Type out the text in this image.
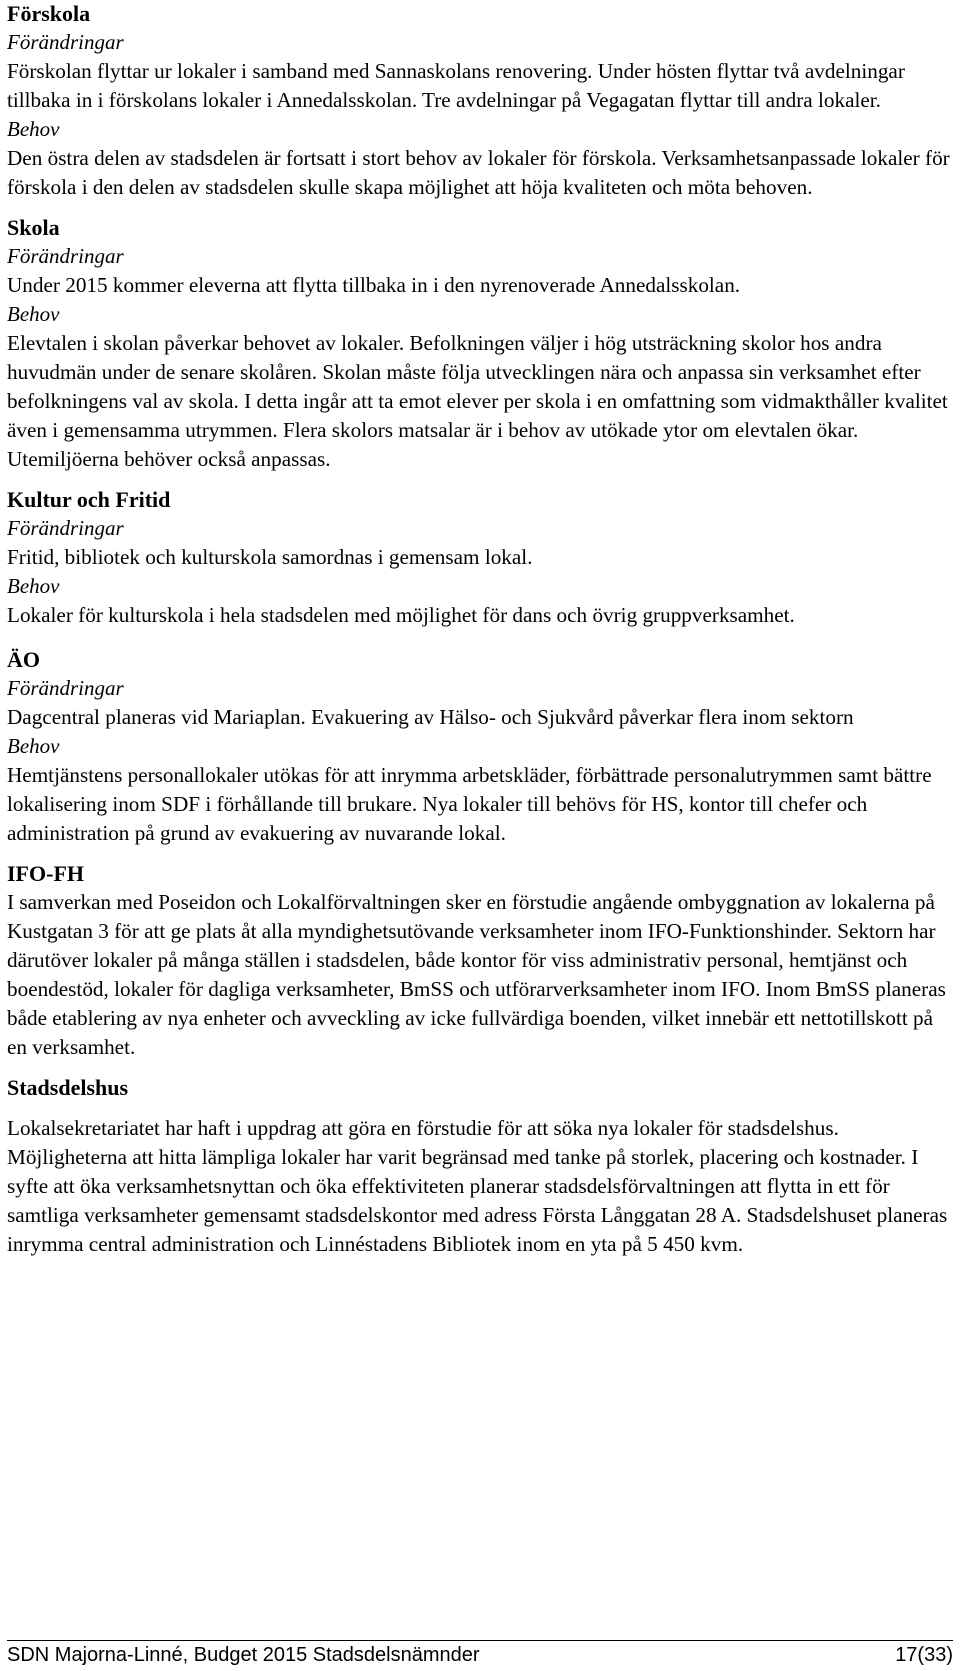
Förskola
Förändringar

Förskolan flyttar ur lokaler i samband med Sannaskolans renovering. Under hösten flyttar två avdelningar tillbaka in i förskolans lokaler i Annedalsskolan. Tre avdelningar på Vegagatan flyttar till andra lokaler.

Behov

Den östra delen av stadsdelen är fortsatt i stort behov av lokaler för förskola. Verksamhetsanpassade lokaler för förskola i den delen av stadsdelen skulle skapa möjlighet att höja kvaliteten och möta behoven.

Skola
Förändringar

Under 2015 kommer eleverna att flytta tillbaka in i den nyrenoverade Annedalsskolan.

Behov

Elevtalen i skolan påverkar behovet av lokaler. Befolkningen väljer i hög utsträckning skolor hos andra huvudmän under de senare skolåren. Skolan måste följa utvecklingen nära och anpassa sin verksamhet efter befolkningens val av skola. I detta ingår att ta emot elever per skola i en omfattning som vidmakthåller kvalitet även i gemensamma utrymmen. Flera skolors matsalar är i behov av utökade ytor om elevtalen ökar. Utemiljöerna behöver också anpassas.

Kultur och Fritid
Förändringar

Fritid, bibliotek och kulturskola samordnas i gemensam lokal.

Behov

Lokaler för kulturskola i hela stadsdelen med möjlighet för dans och övrig gruppverksamhet.

ÄO
Förändringar

Dagcentral planeras vid Mariaplan. Evakuering av Hälso- och Sjukvård påverkar flera inom sektorn

Behov

Hemtjänstens personallokaler utökas för att inrymma arbetskläder, förbättrade personalutrymmen samt bättre lokalisering inom SDF i förhållande till brukare. Nya lokaler till behövs för HS, kontor till chefer och administration på grund av evakuering av nuvarande lokal.

IFO-FH

I samverkan med Poseidon och Lokalförvaltningen sker en förstudie angående ombyggnation av lokalerna på Kustgatan 3 för att ge plats åt alla myndighetsutövande verksamheter inom IFO-Funktionshinder. Sektorn har därutöver lokaler på många ställen i stadsdelen, både kontor för viss administrativ personal, hemtjänst och boendestöd, lokaler för dagliga verksamheter, BmSS och utförarverksamheter inom IFO. Inom BmSS planeras både etablering av nya enheter och avveckling av icke fullvärdiga boenden, vilket innebär ett nettotillskott på en verksamhet.

Stadsdelshus

Lokalsekretariatet har haft i uppdrag att göra en förstudie för att söka nya lokaler för stadsdelshus. Möjligheterna att hitta lämpliga lokaler har varit begränsad med tanke på storlek, placering och kostnader. I syfte att öka verksamhetsnyttan och öka effektiviteten planerar stadsdelsförvaltningen att flytta in ett för samtliga verksamheter gemensamt stadsdelskontor med adress Första Långgatan 28 A. Stadsdelshuset planeras inrymma central administration och Linnéstadens Bibliotek inom en yta på 5 450 kvm.

SDN Majorna-Linné, Budget 2015 Stadsdelsnämnder	17(33)
